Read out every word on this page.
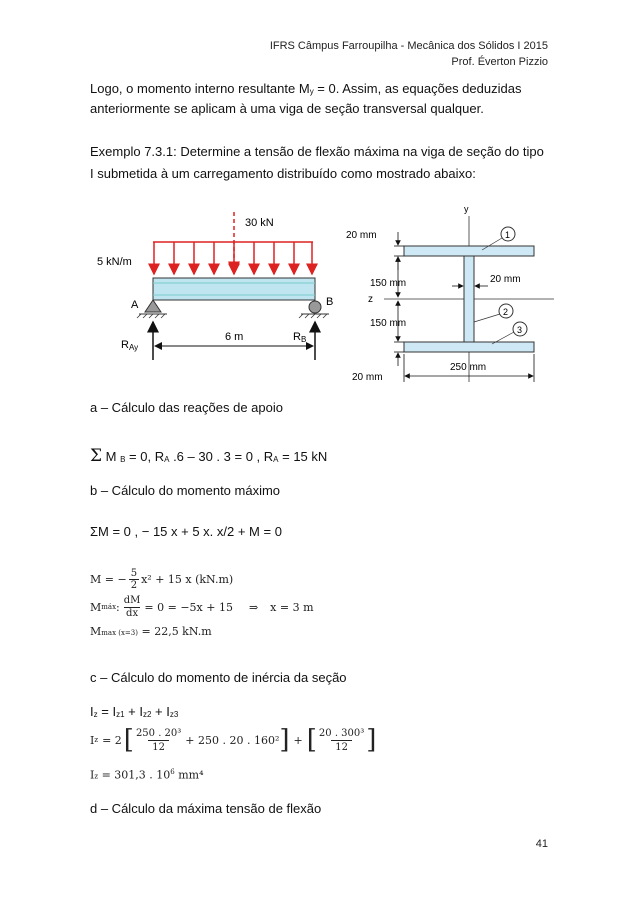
IFRS Câmpus Farroupilha - Mecânica dos Sólidos I 2015
Prof. Éverton Pizzio
Logo, o momento interno resultante My = 0. Assim, as equações deduzidas
anteriormente se aplicam à uma viga de seção transversal qualquer.
Exemplo 7.3.1: Determine a tensão de flexão máxima na viga de seção do tipo
I submetida à um carregamento distribuído como mostrado abaixo:
30 kN
5 kN/m
A	B
RAy
RB
6 m
y
z
20 mm
150 mm
150 mm
20 mm
20 mm
250 mm
1
2
3
a – Cálculo das reações de apoio
Σ M B = 0, RA .6 – 30 . 3 = 0 , RA = 15 kN
b – Cálculo do momento máximo
ΣM = 0 , − 15 x + 5 x. x/2 + M = 0
M = − $\frac{5}{2} x^2 + 15$ x (kN.m)
M máx : $\frac{dM}{dx} = 0 = -5x + 15$ ⇒ x = 3 m
Mmax (x=3) = 22,5 kN.m
c – Cálculo do momento de inércia da seção
Iz = Iz1 + Iz2 + Iz3
I z = 2 [ 250 . 20³
12
+ 250 . 20 . 160² ] + [ 20 . 300³
12 ]
Iz = 301,3 . $10^6$ mm⁴
d – Cálculo da máxima tensão de flexão
41
